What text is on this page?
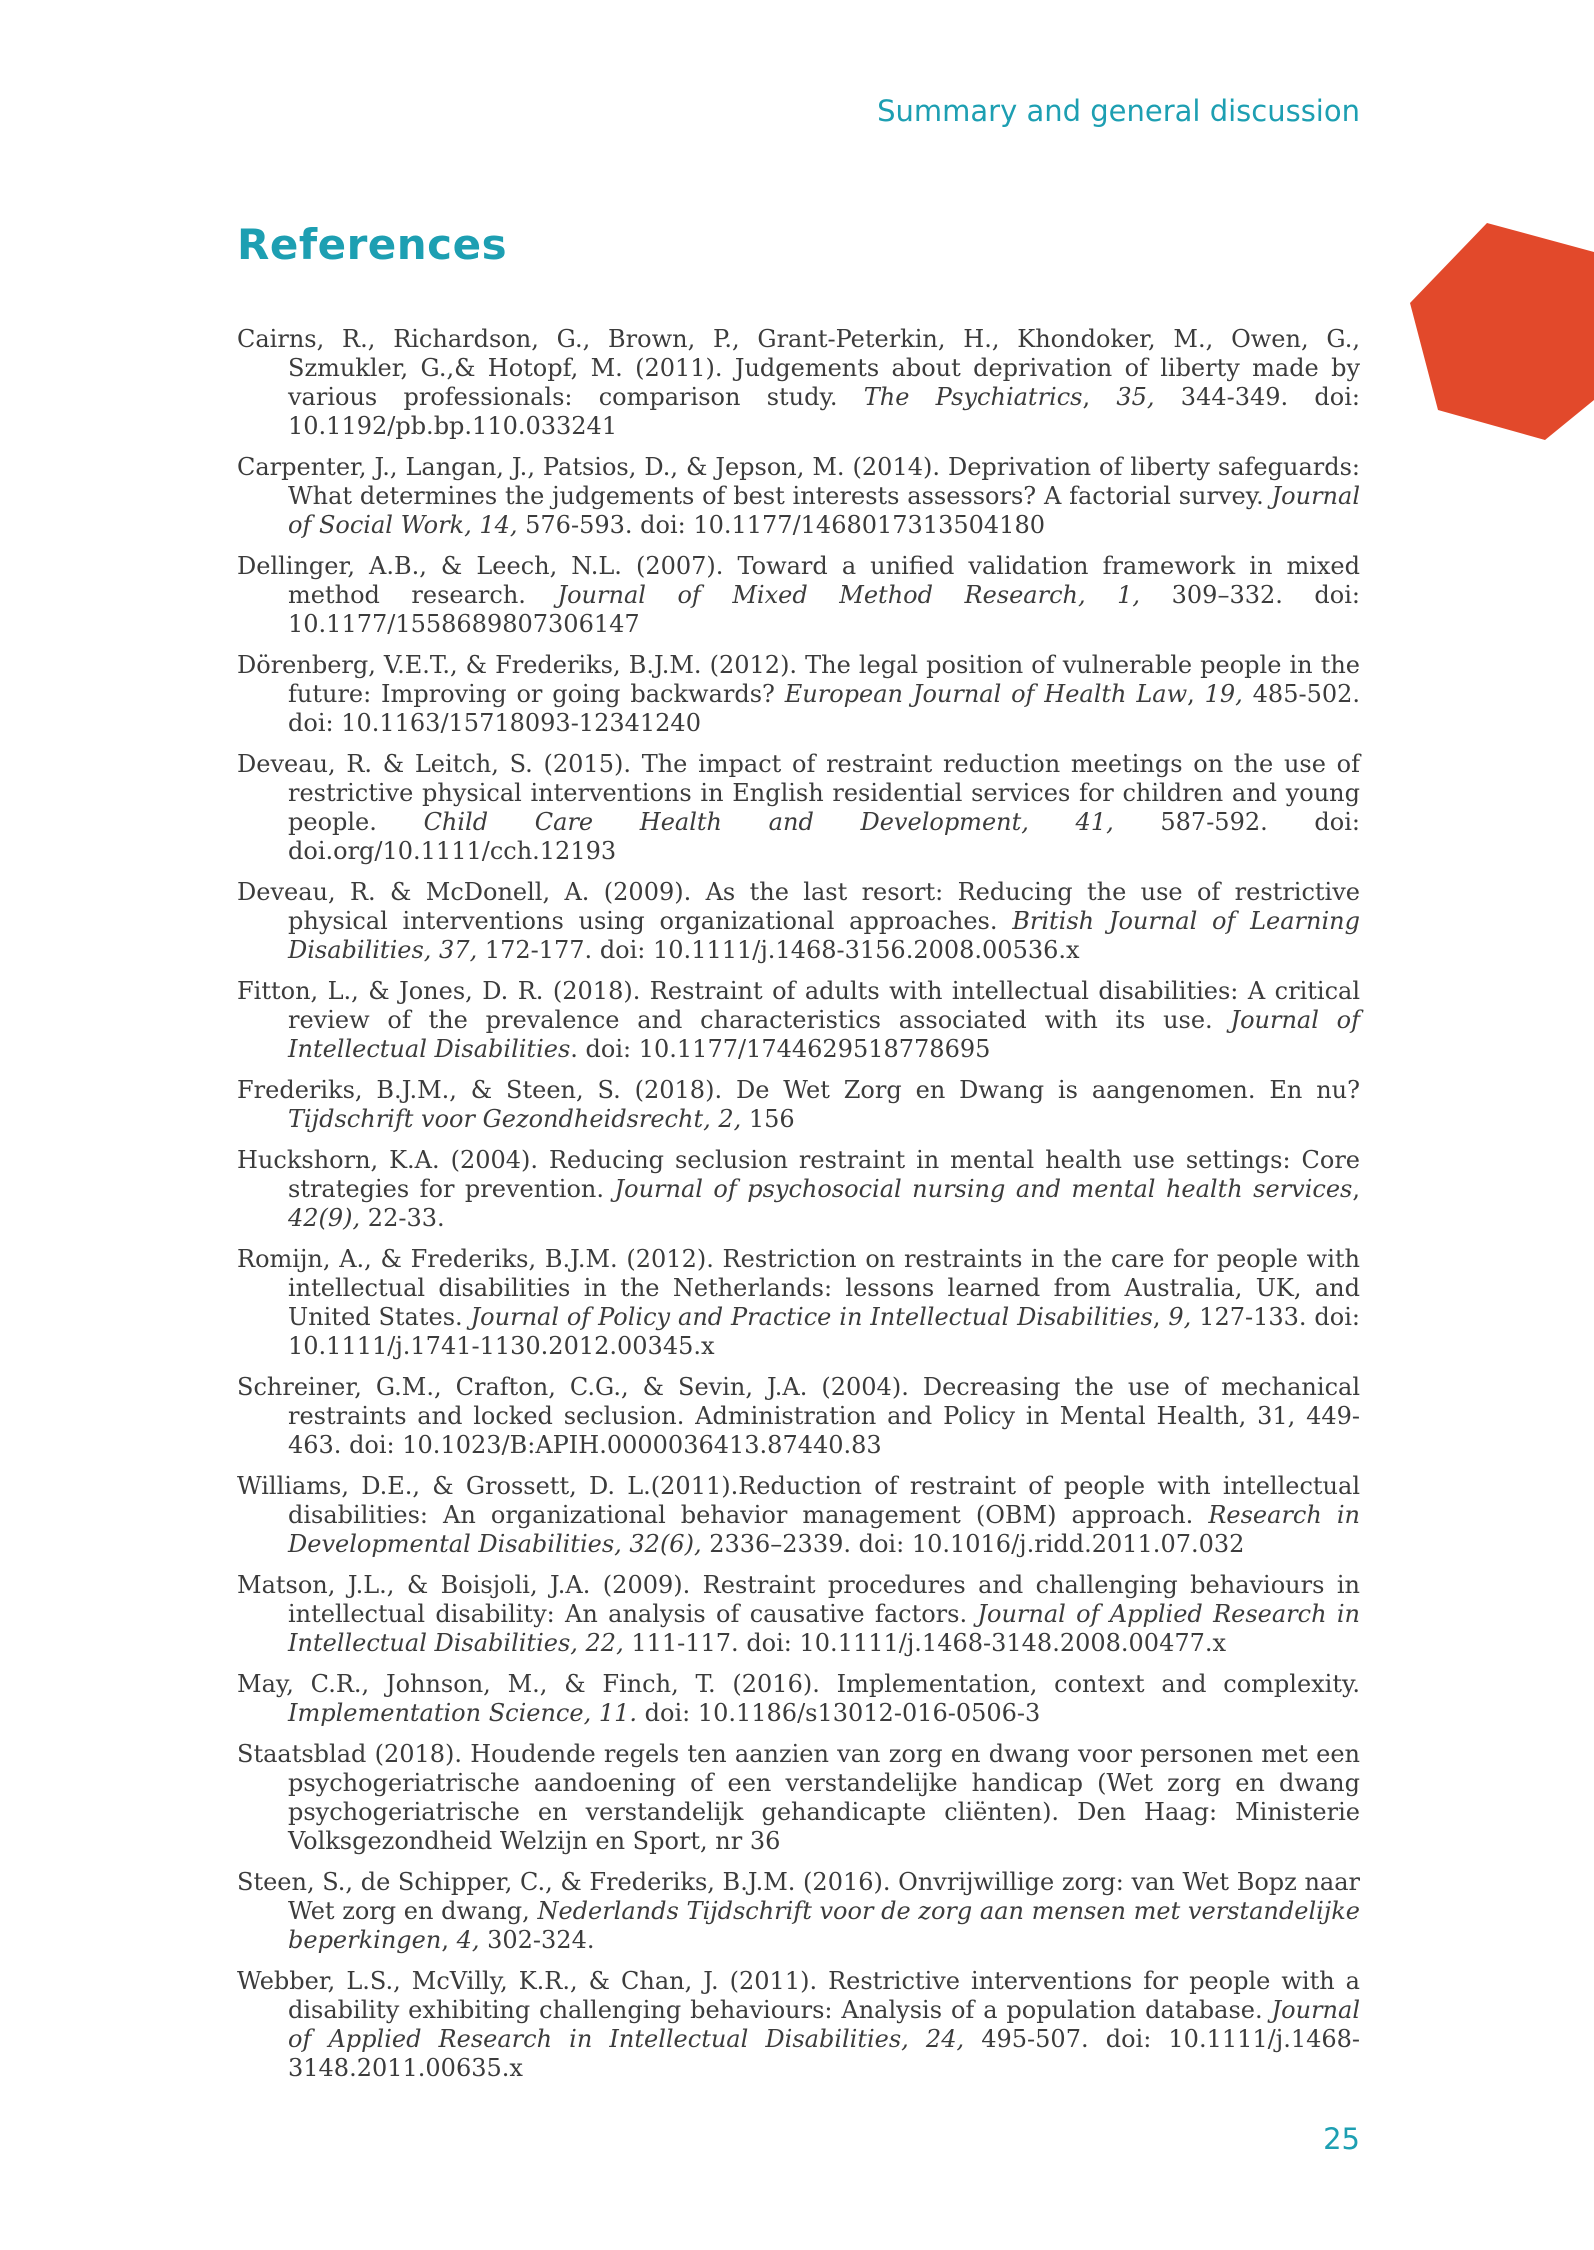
Summary and general discussion
References

Cairns, R., Richardson, G., Brown, P., Grant-Peterkin, H., Khondoker, M., Owen, G., Szmukler, G.,& Hotopf, M. (2011). Judgements about deprivation of liberty made by various professionals: comparison study. The Psychiatrics, 35, 344-349. doi: 10.1192/pb.bp.110.033241

Carpenter, J., Langan, J., Patsios, D., & Jepson, M. (2014). Deprivation of liberty safeguards: What determines the judgements of best interests assessors? A factorial survey. Journal of Social Work, 14, 576-593. doi: 10.1177/1468017313504180

Dellinger, A.B., & Leech, N.L. (2007). Toward a unified validation framework in mixed method research. Journal of Mixed Method Research, 1, 309–332. doi: 10.1177/1558689807306147

Dörenberg, V.E.T., & Frederiks, B.J.M. (2012). The legal position of vulnerable people in the future: Improving or going backwards? European Journal of Health Law, 19, 485-502. doi: 10.1163/15718093-12341240

Deveau, R. & Leitch, S. (2015). The impact of restraint reduction meetings on the use of restrictive physical interventions in English residential services for children and young people. Child Care Health and Development, 41, 587-592. doi: doi.org/10.1111/cch.12193

Deveau, R. & McDonell, A. (2009). As the last resort: Reducing the use of restrictive physical interventions using organizational approaches. British Journal of Learning Disabilities, 37, 172-177. doi: 10.1111/j.1468-3156.2008.00536.x

Fitton, L., & Jones, D. R. (2018). Restraint of adults with intellectual disabilities: A critical review of the prevalence and characteristics associated with its use. Journal of Intellectual Disabilities. doi: 10.1177/1744629518778695

Frederiks, B.J.M., & Steen, S. (2018). De Wet Zorg en Dwang is aangenomen. En nu? Tijdschrift voor Gezondheidsrecht, 2, 156

Huckshorn, K.A. (2004). Reducing seclusion restraint in mental health use settings: Core strategies for prevention. Journal of psychosocial nursing and mental health services, 42(9), 22-33.

Romijn, A., & Frederiks, B.J.M. (2012). Restriction on restraints in the care for people with intellectual disabilities in the Netherlands: lessons learned from Australia, UK, and United States. Journal of Policy and Practice in Intellectual Disabilities, 9, 127-133. doi: 10.1111/j.1741-1130.2012.00345.x

Schreiner, G.M., Crafton, C.G., & Sevin, J.A. (2004). Decreasing the use of mechanical restraints and locked seclusion. Administration and Policy in Mental Health, 31, 449-463. doi: 10.1023/B:APIH.0000036413.87440.83

Williams, D.E., & Grossett, D. L.(2011).Reduction of restraint of people with intellectual disabilities: An organizational behavior management (OBM) approach. Research in Developmental Disabilities, 32(6), 2336–2339. doi: 10.1016/j.ridd.2011.07.032

Matson, J.L., & Boisjoli, J.A. (2009). Restraint procedures and challenging behaviours in intellectual disability: An analysis of causative factors. Journal of Applied Research in Intellectual Disabilities, 22, 111-117. doi: 10.1111/j.1468-3148.2008.00477.x

May, C.R., Johnson, M., & Finch, T. (2016). Implementation, context and complexity. Implementation Science, 11. doi: 10.1186/s13012-016-0506-3

Staatsblad (2018). Houdende regels ten aanzien van zorg en dwang voor personen met een psychogeriatrische aandoening of een verstandelijke handicap (Wet zorg en dwang psychogeriatrische en verstandelijk gehandicapte cliënten). Den Haag: Ministerie Volksgezondheid Welzijn en Sport, nr 36

Steen, S., de Schipper, C., & Frederiks, B.J.M. (2016). Onvrijwillige zorg: van Wet Bopz naar Wet zorg en dwang, Nederlands Tijdschrift voor de zorg aan mensen met verstandelijke beperkingen, 4, 302-324.

Webber, L.S., McVilly, K.R., & Chan, J. (2011). Restrictive interventions for people with a disability exhibiting challenging behaviours: Analysis of a population database. Journal of Applied Research in Intellectual Disabilities, 24, 495-507. doi: 10.1111/j.1468-3148.2011.00635.x

25
